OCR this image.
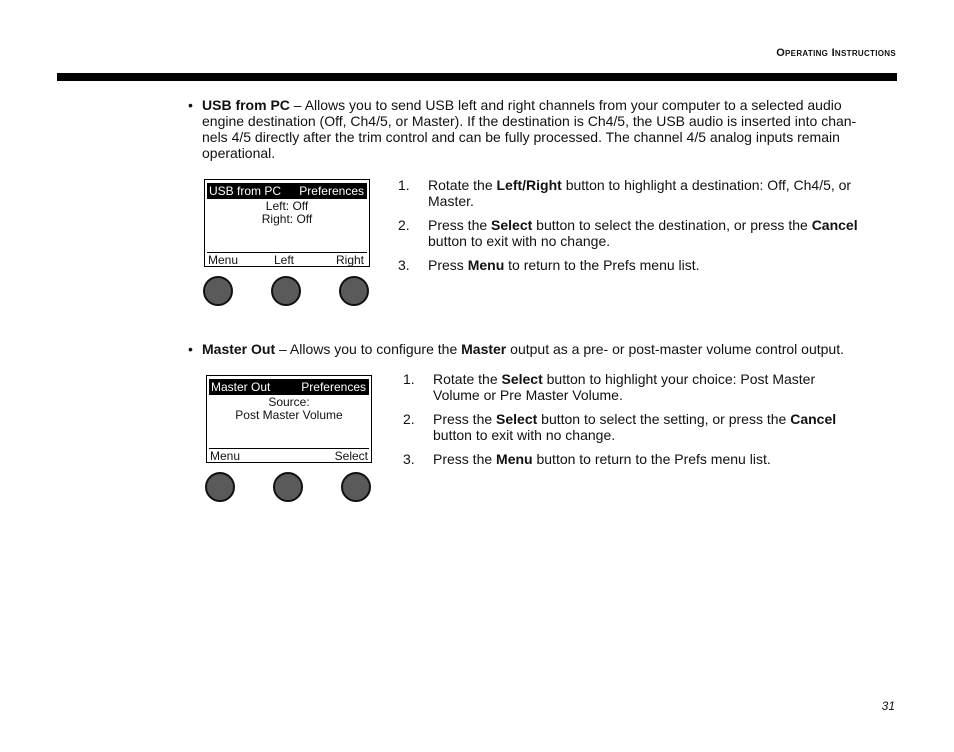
Operating Instructions
• USB from PC – Allows you to send USB left and right channels from your computer to a selected audio
engine destination (Off, Ch4/5, or Master). If the destination is Ch4/5, the USB audio is inserted into chan-
nels 4/5 directly after the trim control and can be fully processed. The channel 4/5 analog inputs remain
operational.
USB from PC Preferences
Left: Off
Right: Off
Menu	Left	Right
1. Rotate the Left/Right button to highlight a destination: Off, Ch4/5, or
Master.
2. Press the Select button to select the destination, or press the Cancel
button to exit with no change.
3. Press Menu to return to the Prefs menu list.
• Master Out – Allows you to configure the Master output as a pre- or post-master volume control output.
Master Out	Preferences
Source:
Post Master Volume
Menu	Select
1. Rotate the Select button to highlight your choice: Post Master
Volume or Pre Master Volume.
2. Press the Select button to select the setting, or press the Cancel
button to exit with no change.
3. Press the Menu button to return to the Prefs menu list.
31
